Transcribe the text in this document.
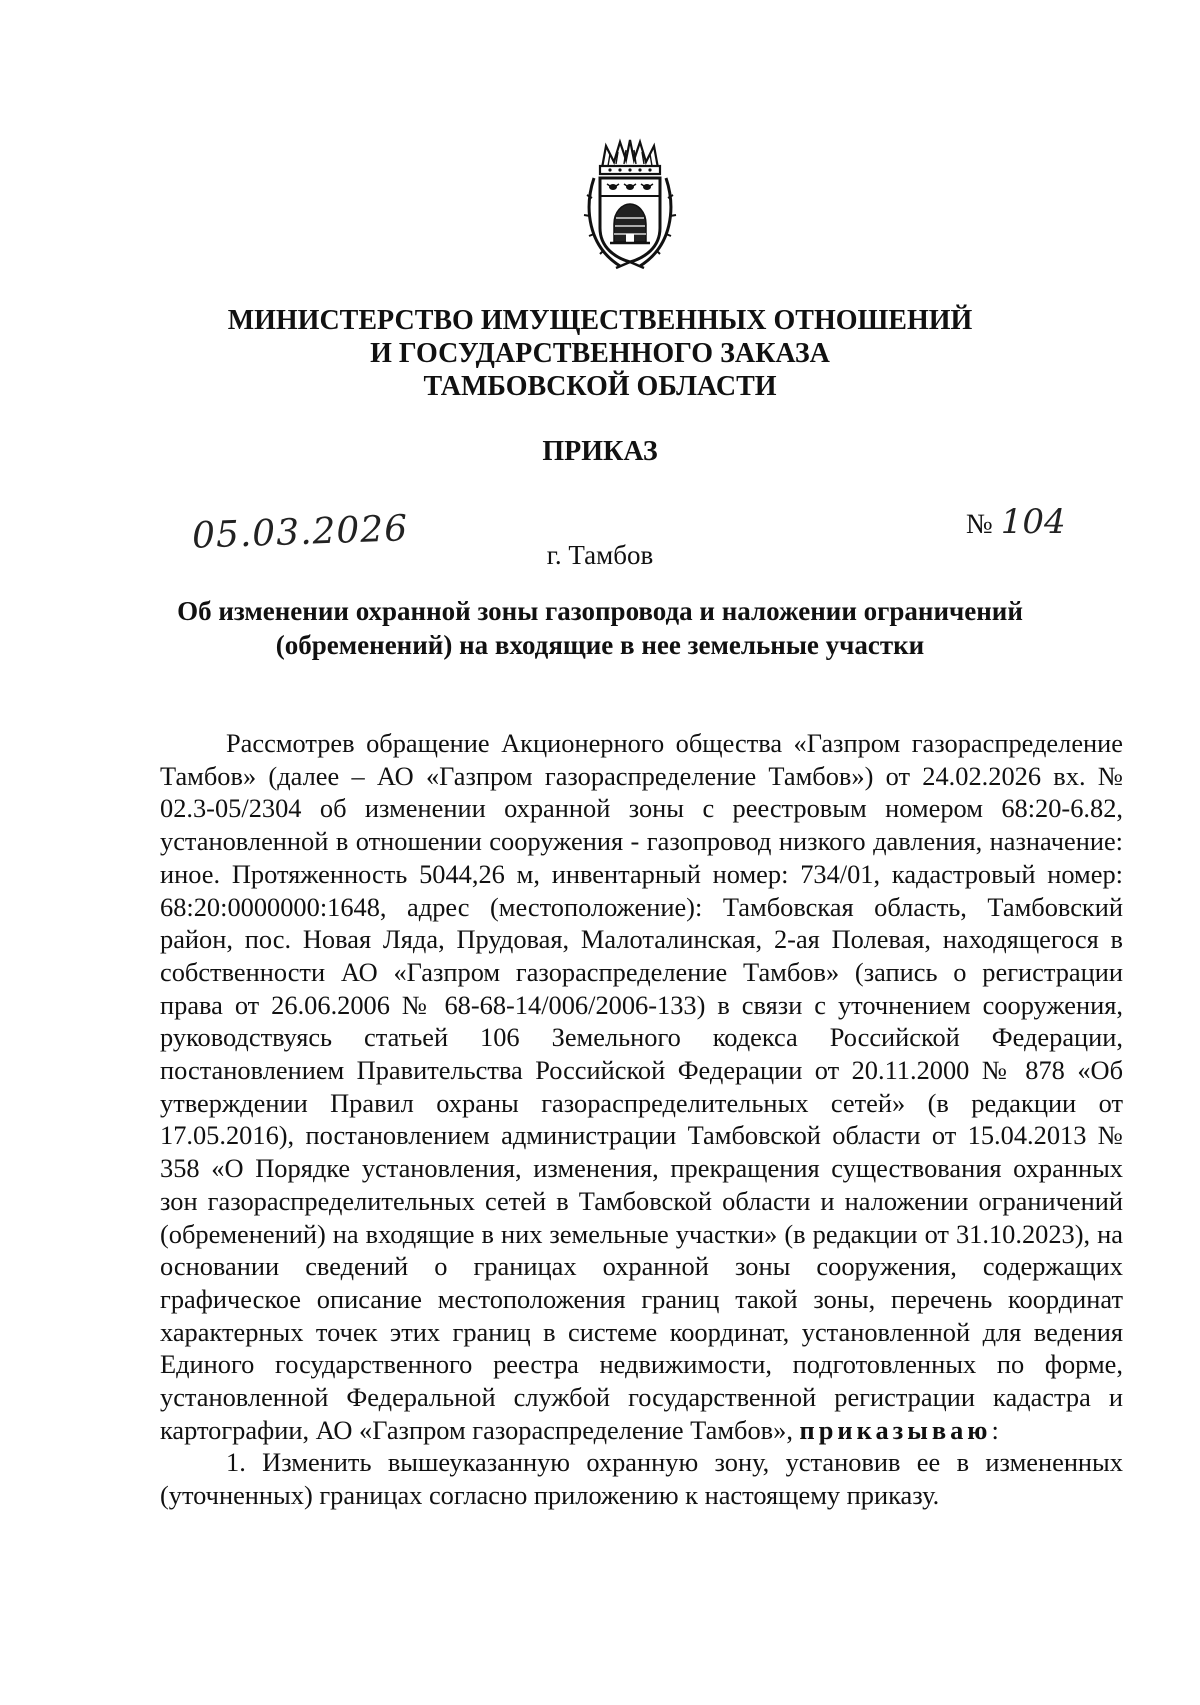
МИНИСТЕРСТВО ИМУЩЕСТВЕННЫХ ОТНОШЕНИЙ
И ГОСУДАРСТВЕННОГО ЗАКАЗА
ТАМБОВСКОЙ ОБЛАСТИ
ПРИКАЗ
05.03.2026	№ 104
г. Тамбов
Об изменении охранной зоны газопровода и наложении ограничений
(обременений) на входящие в нее земельные участки

Рассмотрев обращение Акционерного общества «Газпром газораспределение Тамбов» (далее – АО «Газпром газораспределение Тамбов») от 24.02.2026 вх. № 02.3-05/2304 об изменении охранной зоны с реестровым номером 68:20-6.82, установленной в отношении сооружения - газопровод низкого давления, назначение: иное. Протяженность 5044,26 м, инвентарный номер: 734/01, кадастровый номер: 68:20:0000000:1648, адрес (местоположение): Тамбовская область, Тамбовский район, пос. Новая Ляда, Прудовая, Малоталинская, 2-ая Полевая, находящегося в собственности АО «Газпром газораспределение Тамбов» (запись о регистрации права от 26.06.2006 № 68-68-14/006/2006-133) в связи с уточнением сооружения, руководствуясь статьей 106 Земельного кодекса Российской Федерации, постановлением Правительства Российской Федерации от 20.11.2000 № 878 «Об утверждении Правил охраны газораспределительных сетей» (в редакции от 17.05.2016), постановлением администрации Тамбовской области от 15.04.2013 № 358 «О Порядке установления, изменения, прекращения существования охранных зон газораспределительных сетей в Тамбовской области и наложении ограничений (обременений) на входящие в них земельные участки» (в редакции от 31.10.2023), на основании сведений о границах охранной зоны сооружения, содержащих графическое описание местоположения границ такой зоны, перечень координат характерных точек этих границ в системе координат, установленной для ведения Единого государственного реестра недвижимости, подготовленных по форме, установленной Федеральной службой государственной регистрации кадастра и картографии, АО «Газпром газораспределение Тамбов», приказываю:

1. Изменить вышеуказанную охранную зону, установив ее в измененных (уточненных) границах согласно приложению к настоящему приказу.
